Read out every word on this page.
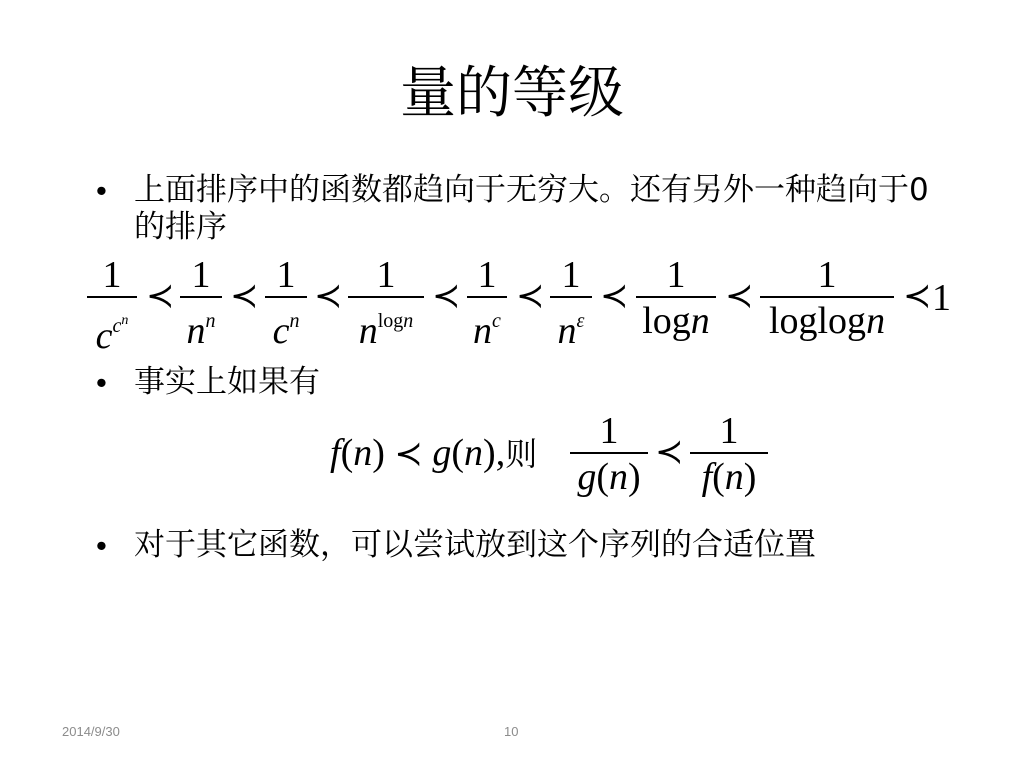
量的等级
• 上面排序中的函数都趋向于无穷大。还有另外一种趋向于0的排序
1
$c^{c^n}$
≺ 1
$n^n$
≺ 1
$c^n$
≺ 1
$n^{logn}$
≺ 1
$n^c$
≺ 1
$n^\varepsilon$
≺	1
logn
≺	1
loglogn
≺ 1
• 事实上如果有
f(n) ≺ g(n),则
1
g(n)
≺ 1
f(n)
• 对于其它函数，可以尝试放到这个序列的合适位置
2014/9/30	10
